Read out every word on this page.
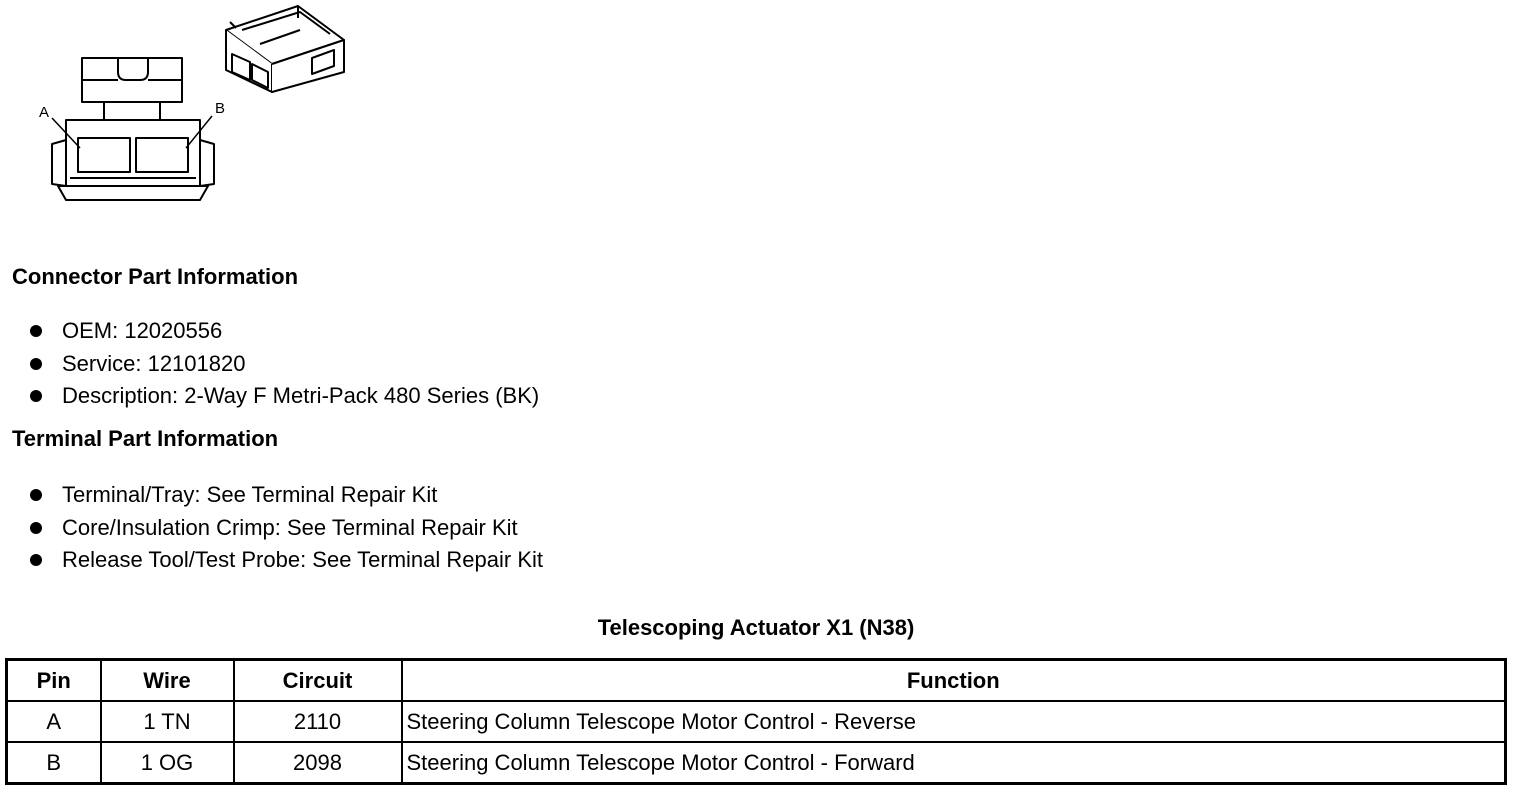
A	B
Connector Part Information
OEM: 12020556
Service: 12101820
Description: 2-Way F Metri-Pack 480 Series (BK)
Terminal Part Information
Terminal/Tray: See Terminal Repair Kit
Core/Insulation Crimp: See Terminal Repair Kit
Release Tool/Test Probe: See Terminal Repair Kit
Telescoping Actuator X1 (N38)
Pin	Wire	Circuit	Function
A	1 TN	2110	Steering Column Telescope Motor Control - Reverse
B	1 OG	2098	Steering Column Telescope Motor Control - Forward
